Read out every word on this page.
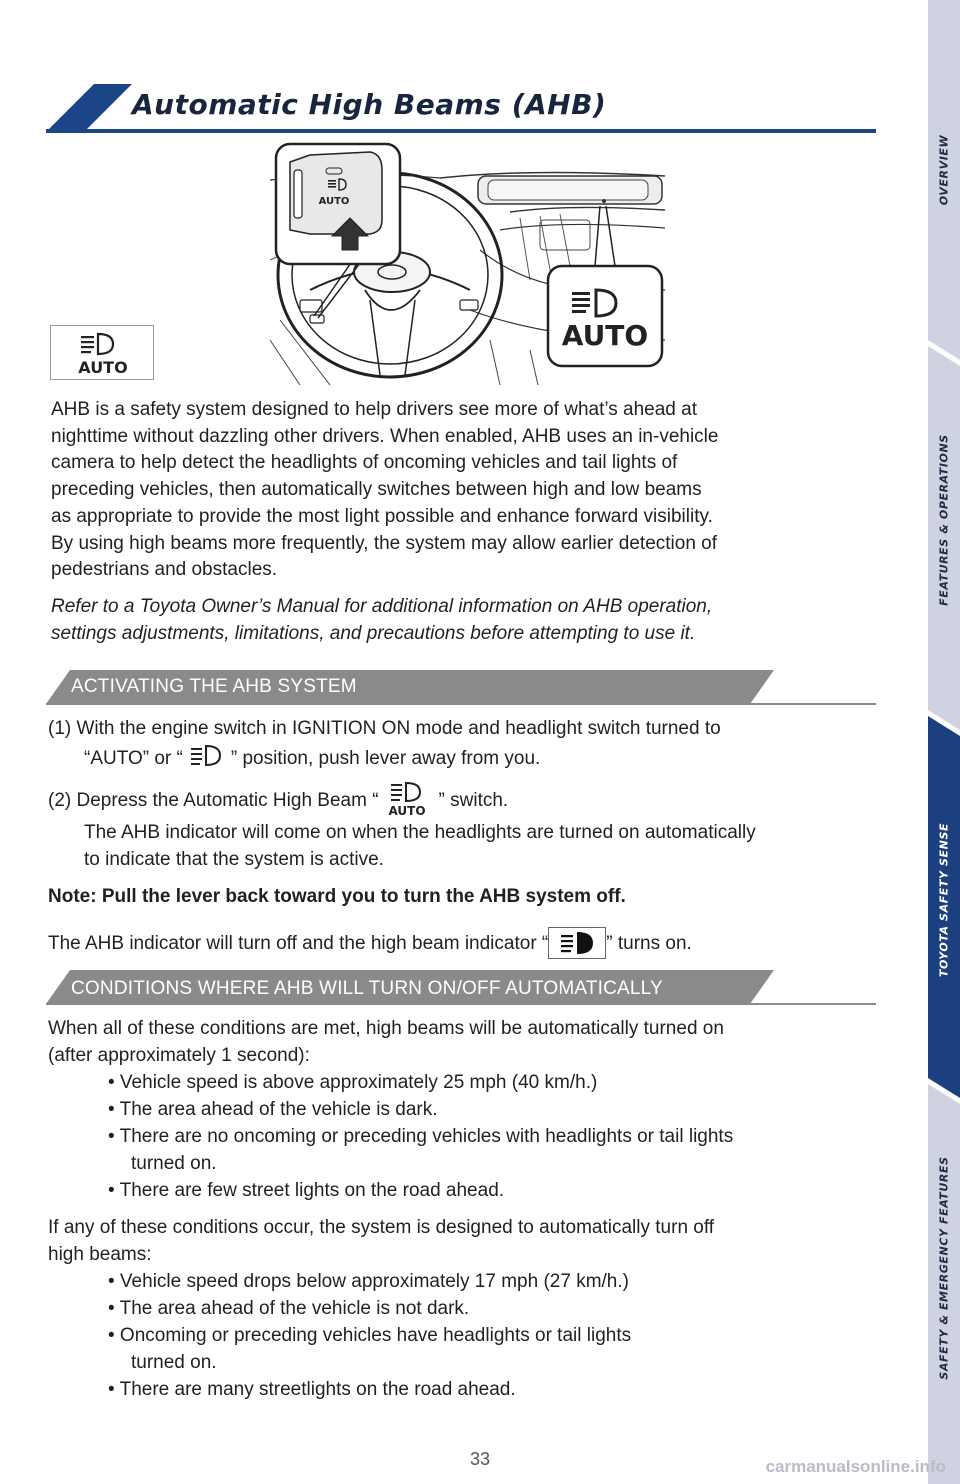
Automatic High Beams (AHB)
AUTO
AUTO
AUTO
AHB is a safety system designed to help drivers see more of what’s ahead at
nighttime without dazzling other drivers. When enabled, AHB uses an in-vehicle
camera to help detect the headlights of oncoming vehicles and tail lights of
preceding vehicles, then automatically switches between high and low beams
as appropriate to provide the most light possible and enhance forward visibility.
By using high beams more frequently, the system may allow earlier detection of
pedestrians and obstacles.
Refer to a Toyota Owner’s Manual for additional information on AHB operation,
settings adjustments, limitations, and precautions before attempting to use it.
ACTIVATING THE AHB SYSTEM
(1) With the engine switch in IGNITION ON mode and headlight switch turned to
“AUTO” or “	” position, push lever away from you.
(2) Depress the Automatic High Beam “ AUTO ” switch.
The AHB indicator will come on when the headlights are turned on automatically
to indicate that the system is active.
Note: Pull the lever back toward you to turn the AHB system off.
The AHB indicator will turn off and the high beam indicator “	” turns on.
CONDITIONS WHERE AHB WILL TURN ON/OFF AUTOMATICALLY
When all of these conditions are met, high beams will be automatically turned on
(after approximately 1 second):
• Vehicle speed is above approximately 25 mph (40 km/h.)
• The area ahead of the vehicle is dark.
• There are no oncoming or preceding vehicles with headlights or tail lights
turned on.
• There are few street lights on the road ahead.
If any of these conditions occur, the system is designed to automatically turn off
high beams:
• Vehicle speed drops below approximately 17 mph (27 km/h.)
• The area ahead of the vehicle is not dark.
• Oncoming or preceding vehicles have headlights or tail lights
turned on.
• There are many streetlights on the road ahead.
OVERVIEW
FEATURES & OPERATIONS
TOYOTA SAFETY SENSE
SAFETY & EMERGENCY FEATURES
33	carmanualsonline.info
